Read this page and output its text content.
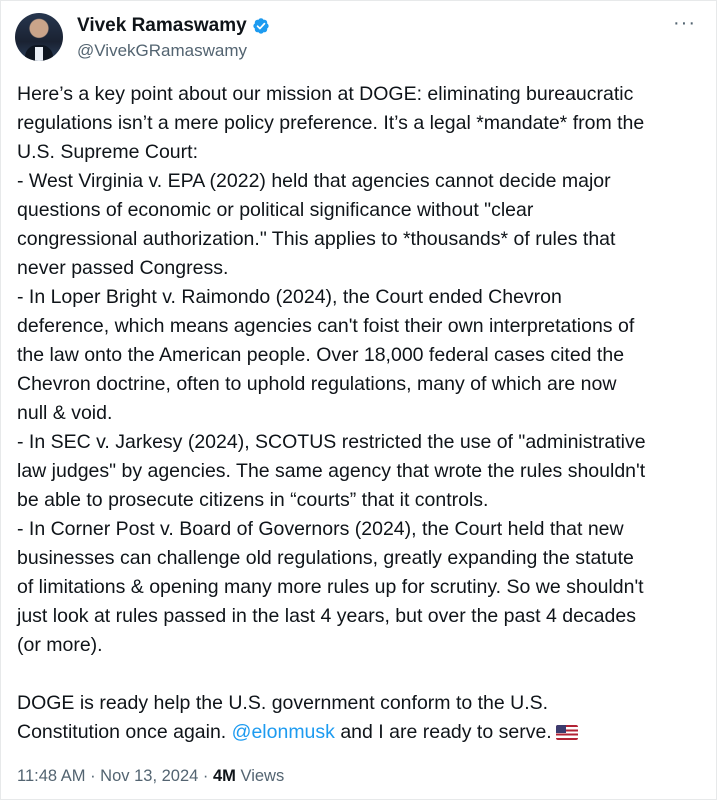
Vivek Ramaswamy
@VivekGRamaswamy
···
Here’s a key point about our mission at DOGE: eliminating bureaucratic
regulations isn’t a mere policy preference. It’s a legal *mandate* from the
U.S. Supreme Court:
- West Virginia v. EPA (2022) held that agencies cannot decide major
questions of economic or political significance without "clear
congressional authorization." This applies to *thousands* of rules that
never passed Congress.
- In Loper Bright v. Raimondo (2024), the Court ended Chevron
deference, which means agencies can't foist their own interpretations of
the law onto the American people. Over 18,000 federal cases cited the
Chevron doctrine, often to uphold regulations, many of which are now
null & void.
- In SEC v. Jarkesy (2024), SCOTUS restricted the use of "administrative
law judges" by agencies. The same agency that wrote the rules shouldn't
be able to prosecute citizens in “courts” that it controls.
- In Corner Post v. Board of Governors (2024), the Court held that new
businesses can challenge old regulations, greatly expanding the statute
of limitations & opening many more rules up for scrutiny. So we shouldn't
just look at rules passed in the last 4 years, but over the past 4 decades
(or more).

DOGE is ready help the U.S. government conform to the U.S.
Constitution once again. @elonmusk and I are ready to serve.
11:48 AM · Nov 13, 2024 · 4M Views
